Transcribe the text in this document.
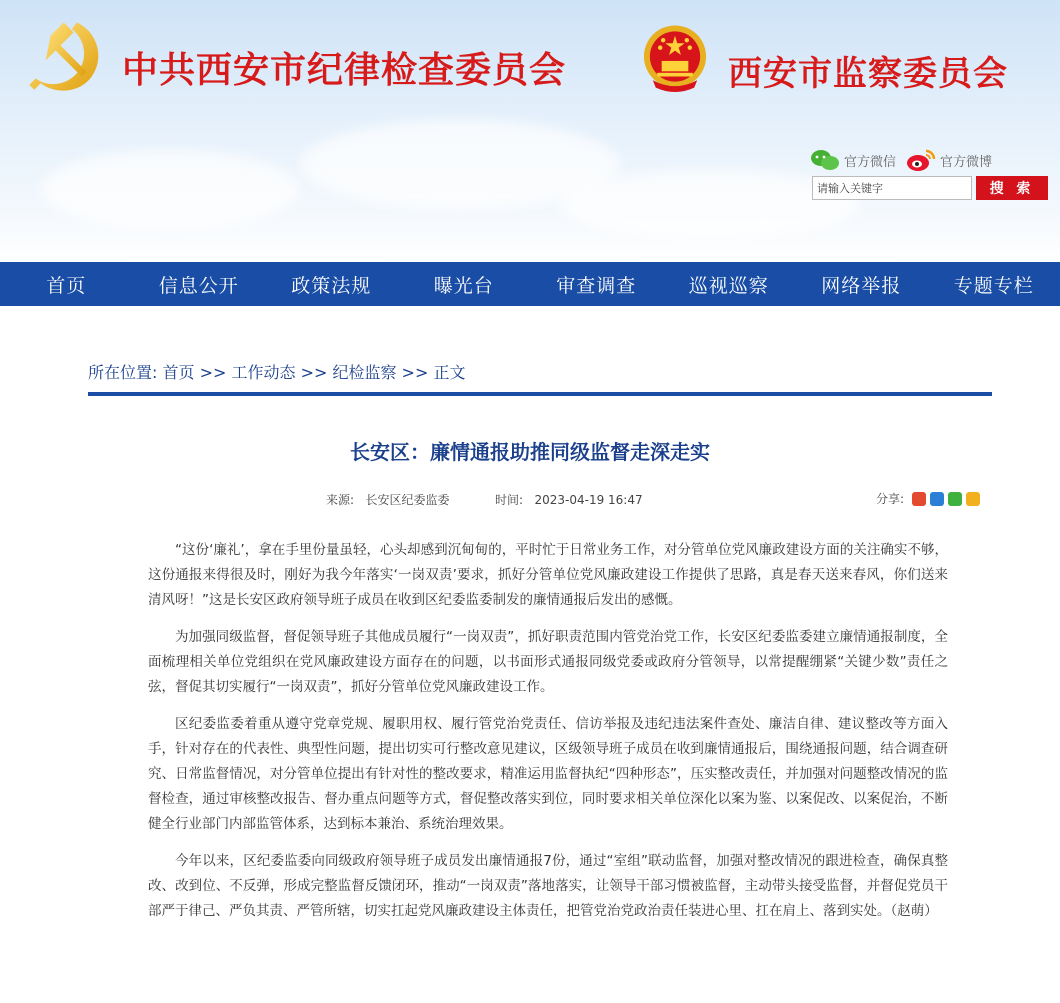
中共西安市纪律检查委员会	西安市监察委员会
官方微信	官方微博
请输入关键字
搜 索
首页	信息公开	政策法规	曝光台	审查调查	巡视巡察	网络举报	专题专栏
所在位置: 首页 >> 工作动态 >> 纪检监察 >> 正文
长安区：廉情通报助推同级监督走深走实
来源:   长安区纪委监委	时间:   2023-04-19 16:47	分享:

“这份‘廉礼’，拿在手里份量虽轻，心头却感到沉甸甸的，平时忙于日常业务工作，对分管单位党风廉政建设方面的关注确实不够，这份通报来得很及时，刚好为我今年落实‘一岗双责’要求，抓好分管单位党风廉政建设工作提供了思路，真是春天送来春风，你们送来清风呀！”这是长安区政府领导班子成员在收到区纪委监委制发的廉情通报后发出的感慨。

为加强同级监督，督促领导班子其他成员履行“一岗双责”，抓好职责范围内管党治党工作，长安区纪委监委建立廉情通报制度，全面梳理相关单位党组织在党风廉政建设方面存在的问题，以书面形式通报同级党委或政府分管领导，以常提醒绷紧“关键少数”责任之弦，督促其切实履行“一岗双责”，抓好分管单位党风廉政建设工作。

区纪委监委着重从遵守党章党规、履职用权、履行管党治党责任、信访举报及违纪违法案件查处、廉洁自律、建议整改等方面入手，针对存在的代表性、典型性问题，提出切实可行整改意见建议，区级领导班子成员在收到廉情通报后，围绕通报问题，结合调查研究、日常监督情况，对分管单位提出有针对性的整改要求，精准运用监督执纪“四种形态”，压实整改责任，并加强对问题整改情况的监督检查，通过审核整改报告、督办重点问题等方式，督促整改落实到位，同时要求相关单位深化以案为鉴、以案促改、以案促治，不断健全行业部门内部监管体系，达到标本兼治、系统治理效果。

今年以来，区纪委监委向同级政府领导班子成员发出廉情通报7份，通过“室组”联动监督，加强对整改情况的跟进检查，确保真整改、改到位、不反弹，形成完整监督反馈闭环，推动“一岗双责”落地落实，让领导干部习惯被监督，主动带头接受监督，并督促党员干部严于律己、严负其责、严管所辖，切实扛起党风廉政建设主体责任，把管党治党政治责任装进心里、扛在肩上、落到实处。（赵萌）
